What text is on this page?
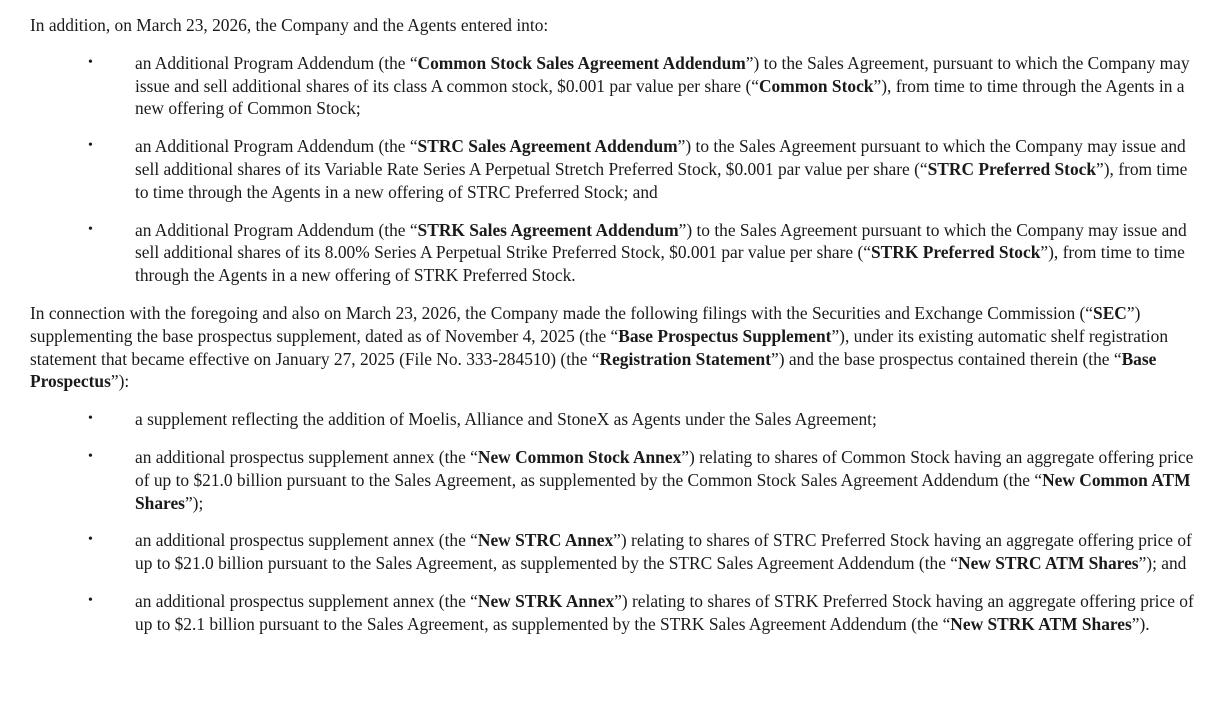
In addition, on March 23, 2026, the Company and the Agents entered into:

• an Additional Program Addendum (the “Common Stock Sales Agreement Addendum”) to the Sales Agreement, pursuant to which the Company may issue and sell additional shares of its class A common stock, $0.001 par value per share (“Common Stock”), from time to time through the Agents in a new offering of Common Stock;
• an Additional Program Addendum (the “STRC Sales Agreement Addendum”) to the Sales Agreement pursuant to which the Company may issue and sell additional shares of its Variable Rate Series A Perpetual Stretch Preferred Stock, $0.001 par value per share (“STRC Preferred Stock”), from time to time through the Agents in a new offering of STRC Preferred Stock; and
• an Additional Program Addendum (the “STRK Sales Agreement Addendum”) to the Sales Agreement pursuant to which the Company may issue and sell additional shares of its 8.00% Series A Perpetual Strike Preferred Stock, $0.001 par value per share (“STRK Preferred Stock”), from time to time through the Agents in a new offering of STRK Preferred Stock.

In connection with the foregoing and also on March 23, 2026, the Company made the following filings with the Securities and Exchange Commission (“SEC”) supplementing the base prospectus supplement, dated as of November 4, 2025 (the “Base Prospectus Supplement”), under its existing automatic shelf registration statement that became effective on January 27, 2025 (File No. 333-284510) (the “Registration Statement”) and the base prospectus contained therein (the “Base Prospectus”):

• a supplement reflecting the addition of Moelis, Alliance and StoneX as Agents under the Sales Agreement;
• an additional prospectus supplement annex (the “New Common Stock Annex”) relating to shares of Common Stock having an aggregate offering price of up to $21.0 billion pursuant to the Sales Agreement, as supplemented by the Common Stock Sales Agreement Addendum (the “New Common ATM Shares”);
• an additional prospectus supplement annex (the “New STRC Annex”) relating to shares of STRC Preferred Stock having an aggregate offering price of up to $21.0 billion pursuant to the Sales Agreement, as supplemented by the STRC Sales Agreement Addendum (the “New STRC ATM Shares”); and
• an additional prospectus supplement annex (the “New STRK Annex”) relating to shares of STRK Preferred Stock having an aggregate offering price of up to $2.1 billion pursuant to the Sales Agreement, as supplemented by the STRK Sales Agreement Addendum (the “New STRK ATM Shares”).
